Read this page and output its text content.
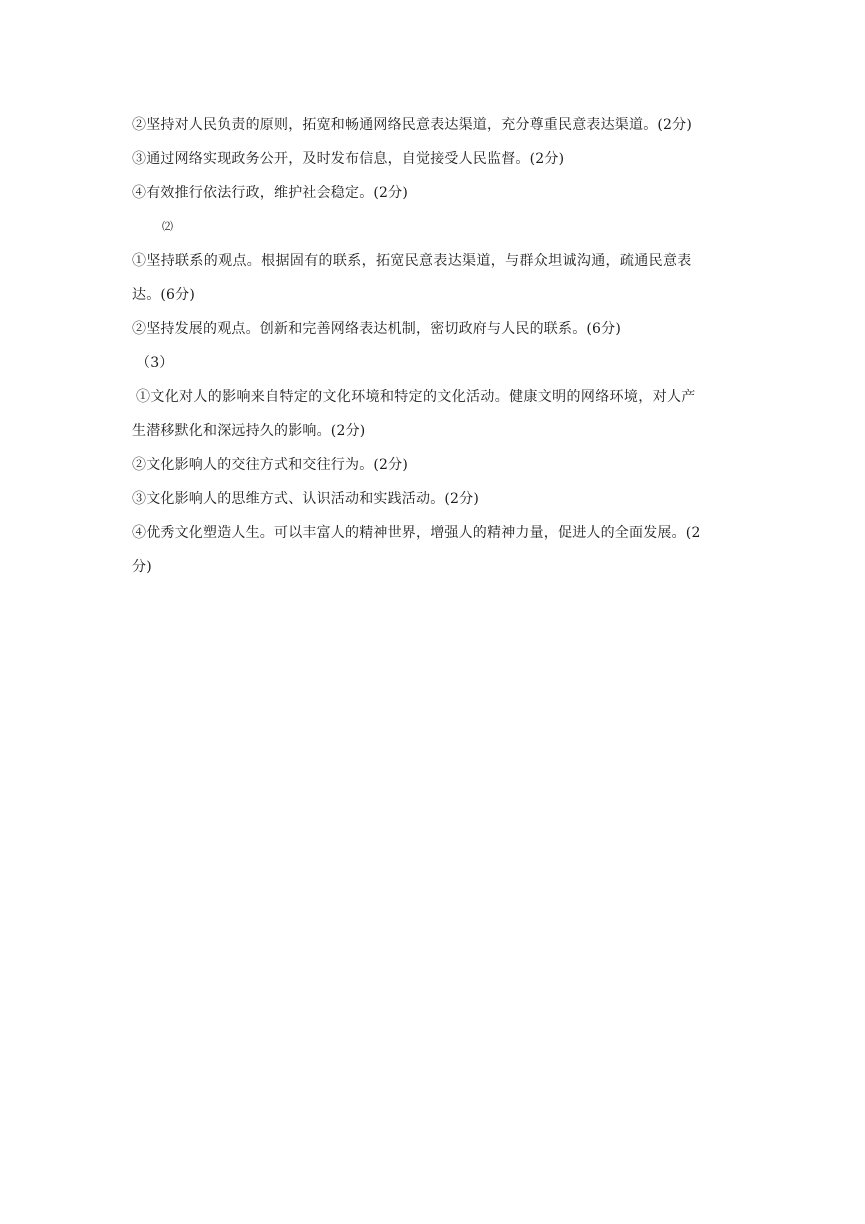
②坚持对人民负责的原则，拓宽和畅通网络民意表达渠道，充分尊重民意表达渠道。(2分)
③通过网络实现政务公开，及时发布信息，自觉接受人民监督。(2分)
④有效推行依法行政，维护社会稳定。(2分)
⑵
①坚持联系的观点。根据固有的联系，拓宽民意表达渠道，与群众坦诚沟通，疏通民意表
达。(6分)
②坚持发展的观点。创新和完善网络表达机制，密切政府与人民的联系。(6分)
（3）
①文化对人的影响来自特定的文化环境和特定的文化活动。健康文明的网络环境，对人产
生潜移默化和深远持久的影响。(2分)
②文化影响人的交往方式和交往行为。(2分)
③文化影响人的思维方式、认识活动和实践活动。(2分)
④优秀文化塑造人生。可以丰富人的精神世界，增强人的精神力量，促进人的全面发展。(2
分)
